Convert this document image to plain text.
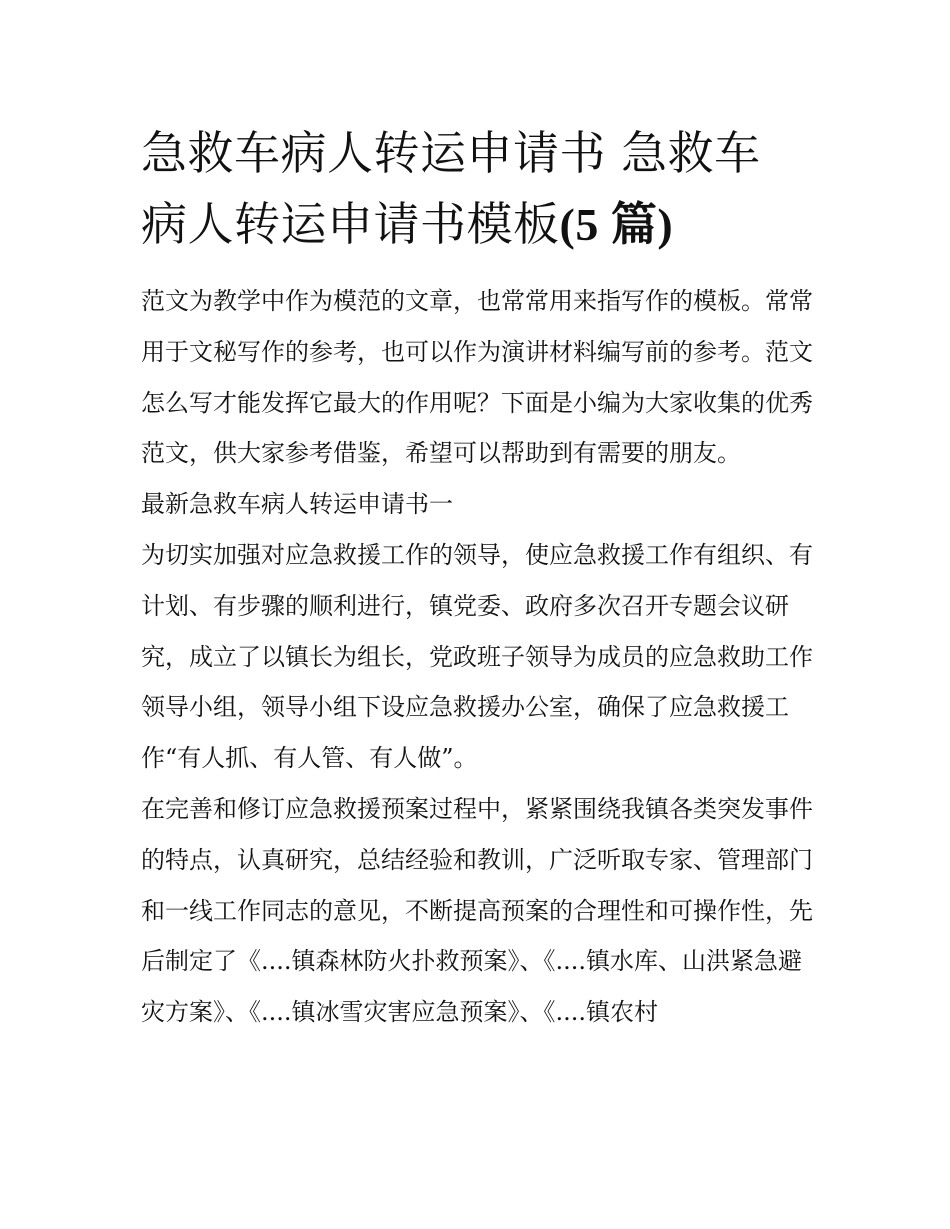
急救车病人转运申请书 急救车
病人转运申请书模板(5 篇)

范文为教学中作为模范的文章，也常常用来指写作的模板。常常用于文秘写作的参考，也可以作为演讲材料编写前的参考。范文怎么写才能发挥它最大的作用呢？下面是小编为大家收集的优秀范文，供大家参考借鉴，希望可以帮助到有需要的朋友。

最新急救车病人转运申请书一

为切实加强对应急救援工作的领导，使应急救援工作有组织、有计划、有步骤的顺利进行，镇党委、政府多次召开专题会议研究，成立了以镇长为组长，党政班子领导为成员的应急救助工作领导小组，领导小组下设应急救援办公室，确保了应急救援工作“有人抓、有人管、有人做”。

在完善和修订应急救援预案过程中，紧紧围绕我镇各类突发事件的特点，认真研究，总结经验和教训，广泛听取专家、管理部门和一线工作同志的意见，不断提高预案的合理性和可操作性，先后制定了《....镇森林防火扑救预案》、《....镇水库、山洪紧急避灾方案》、《....镇冰雪灾害应急预案》、《....镇农村
